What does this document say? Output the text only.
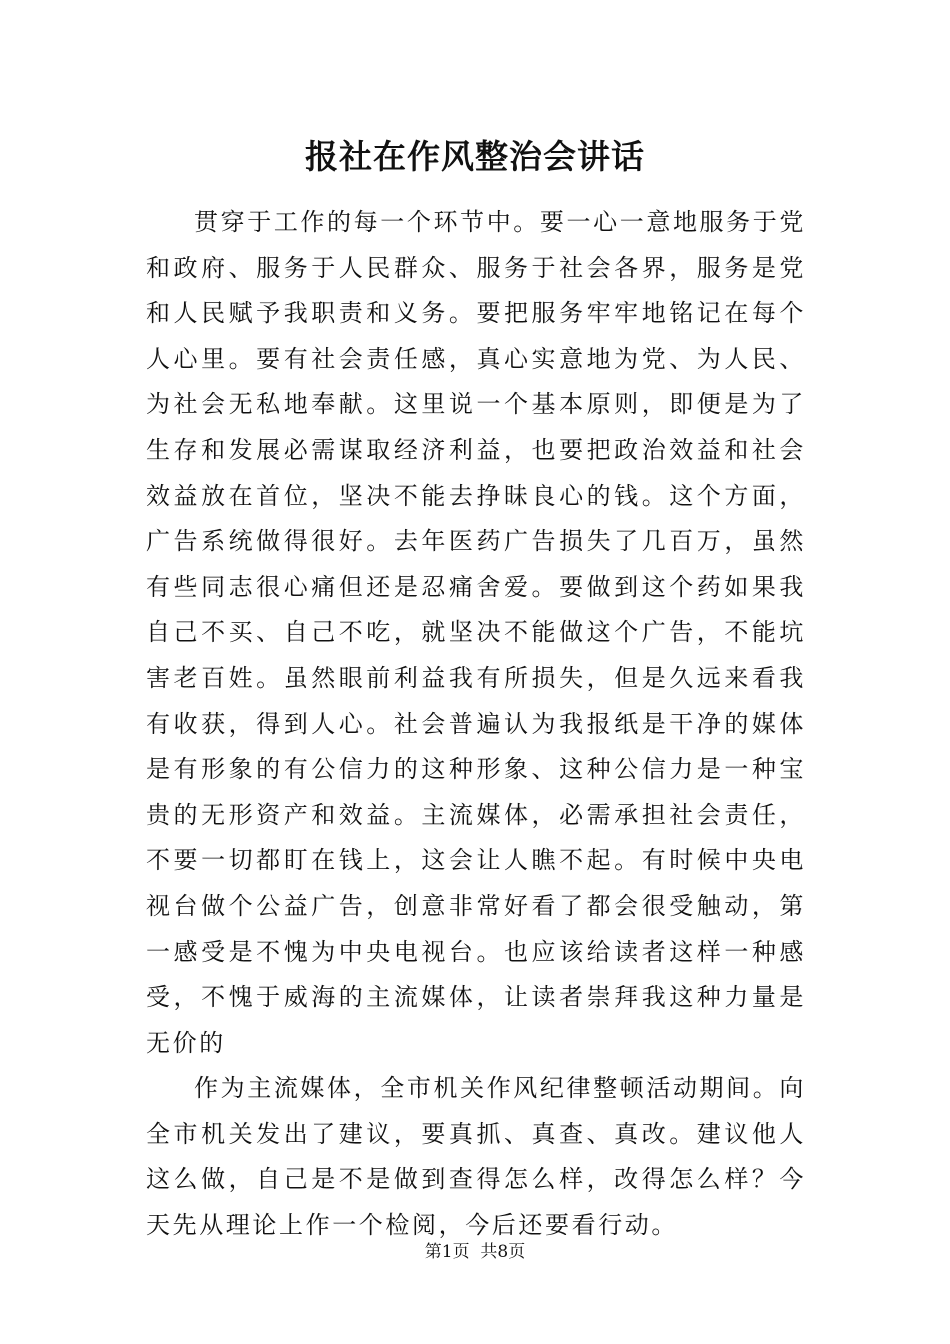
报社在作风整治会讲话

贯穿于工作的每一个环节中。要一心一意地服务于党和政府、服务于人民群众、服务于社会各界，服务是党和人民赋予我职责和义务。要把服务牢牢地铭记在每个人心里。要有社会责任感，真心实意地为党、为人民、为社会无私地奉献。这里说一个基本原则，即便是为了生存和发展必需谋取经济利益，也要把政治效益和社会效益放在首位，坚决不能去挣昧良心的钱。这个方面，广告系统做得很好。去年医药广告损失了几百万，虽然有些同志很心痛但还是忍痛舍爱。要做到这个药如果我自己不买、自己不吃，就坚决不能做这个广告，不能坑害老百姓。虽然眼前利益我有所损失，但是久远来看我有收获，得到人心。社会普遍认为我报纸是干净的媒体是有形象的有公信力的这种形象、这种公信力是一种宝贵的无形资产和效益。主流媒体，必需承担社会责任，不要一切都盯在钱上，这会让人瞧不起。有时候中央电视台做个公益广告，创意非常好看了都会很受触动，第一感受是不愧为中央电视台。也应该给读者这样一种感受，不愧于威海的主流媒体，让读者崇拜我这种力量是无价的

作为主流媒体，全市机关作风纪律整顿活动期间。向全市机关发出了建议，要真抓、真查、真改。建议他人这么做，自己是不是做到查得怎么样，改得怎么样？今天先从理论上作一个检阅，今后还要看行动。

第1页  共8页
